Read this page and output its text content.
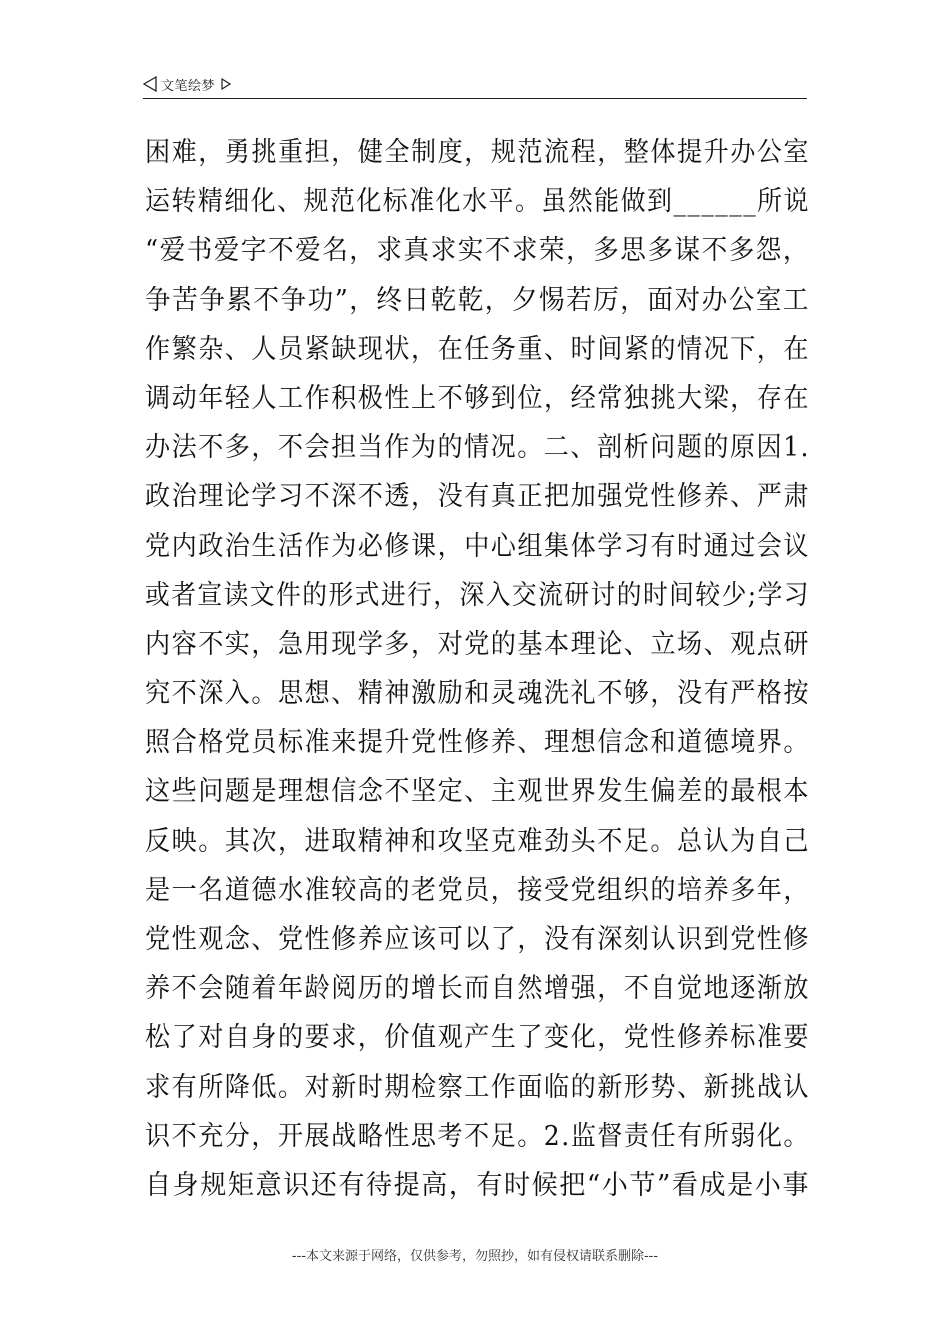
文笔绘梦
困难，勇挑重担，健全制度，规范流程，整体提升办公室
运转精细化、规范化标准化水平。虽然能做到______所说
“爱书爱字不爱名，求真求实不求荣，多思多谋不多怨，
争苦争累不争功”，终日乾乾，夕惕若厉，面对办公室工
作繁杂、人员紧缺现状，在任务重、时间紧的情况下，在
调动年轻人工作积极性上不够到位，经常独挑大梁，存在
办法不多，不会担当作为的情况。二、剖析问题的原因1.
政治理论学习不深不透，没有真正把加强党性修养、严肃
党内政治生活作为必修课，中心组集体学习有时通过会议
或者宣读文件的形式进行，深入交流研讨的时间较少;学习
内容不实，急用现学多，对党的基本理论、立场、观点研
究不深入。思想、精神激励和灵魂洗礼不够，没有严格按
照合格党员标准来提升党性修养、理想信念和道德境界。
这些问题是理想信念不坚定、主观世界发生偏差的最根本
反映。其次，进取精神和攻坚克难劲头不足。总认为自己
是一名道德水准较高的老党员，接受党组织的培养多年，
党性观念、党性修养应该可以了，没有深刻认识到党性修
养不会随着年龄阅历的增长而自然增强，不自觉地逐渐放
松了对自身的要求，价值观产生了变化，党性修养标准要
求有所降低。对新时期检察工作面临的新形势、新挑战认
识不充分，开展战略性思考不足。2.监督责任有所弱化。
自身规矩意识还有待提高，有时候把“小节”看成是小事
---本文来源于网络，仅供参考，勿照抄，如有侵权请联系删除---
